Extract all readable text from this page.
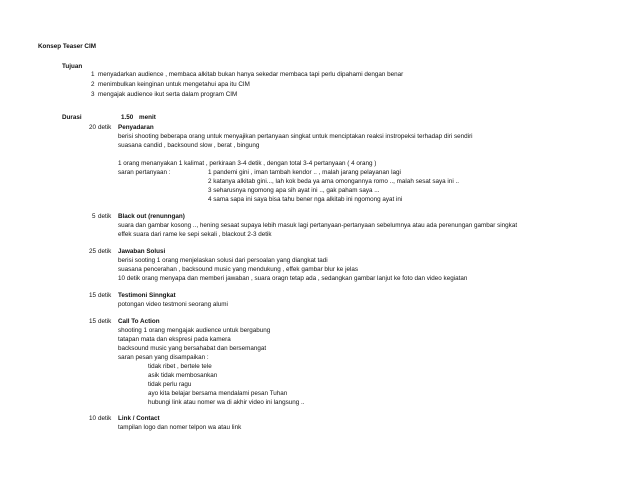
Konsep Teaser CIM
Tujuan
1 menyadarkan audience , membaca alkitab bukan hanya sekedar membaca tapi perlu dipahami dengan benar
2 menimbulkan keinginan untuk mengetahui apa itu CIM
3 mengajak audience ikut serta dalam program CIM
Durasi	1.50 menit
20 detik Penyadaran
berisi shooting beberapa orang untuk menyajikan pertanyaan singkat untuk menciptakan reaksi instropeksi terhadap diri sendiri
suasana candid , backsound slow , berat , bingung
1 orang menanyakan 1 kalimat , perkiraan 3-4 detik , dengan total 3-4 pertanyaan ( 4 orang )
saran pertanyaan :	1 pandemi gini , iman tambah kendor .. , malah jarang pelayanan lagi
2 katanya alkitab gini..., lah kok beda ya ama omongannya romo .., malah sesat saya ini ..
3 seharusnya ngomong apa sih ayat ini .., gak paham saya ...
4 sama sapa ini saya bisa tahu bener nga alkitab ini ngomong ayat ini
5 detik Black out (renunngan)
suara dan gambar kosong .., hening sesaat supaya lebih masuk lagi pertanyaan-pertanyaan sebelumnya atau ada perenungan gambar singkat
effek suara dari rame ke sepi sekali , blackout 2-3 detik
25 detik Jawaban Solusi
berisi sooting 1 orang menjelaskan solusi dari persoalan yang diangkat tadi
suasana pencerahan , backsound music yang mendukung , effek gambar blur ke jelas
10 detik orang menyapa dan memberi jawaban , suara oragn tetap ada , sedangkan gambar lanjut ke foto dan video kegiatan
15 detik Testimoni Sinngkat
potongan video testmoni seorang alumi
15 detik Call To Action
shooting 1 orang mengajak audience untuk bergabung
tatapan mata dan ekspresi pada kamera
backsound music yang bersahabat dan bersemangat
saran pesan yang disampaikan :
tidak ribet , bertele tele
asik tidak membosankan
tidak perlu ragu
ayo kita belajar bersama mendalami pesan Tuhan
hubungi link atau nomer wa di akhir video ini langsung ..
10 detik Link / Contact
tampilan logo dan nomer telpon wa atau link
